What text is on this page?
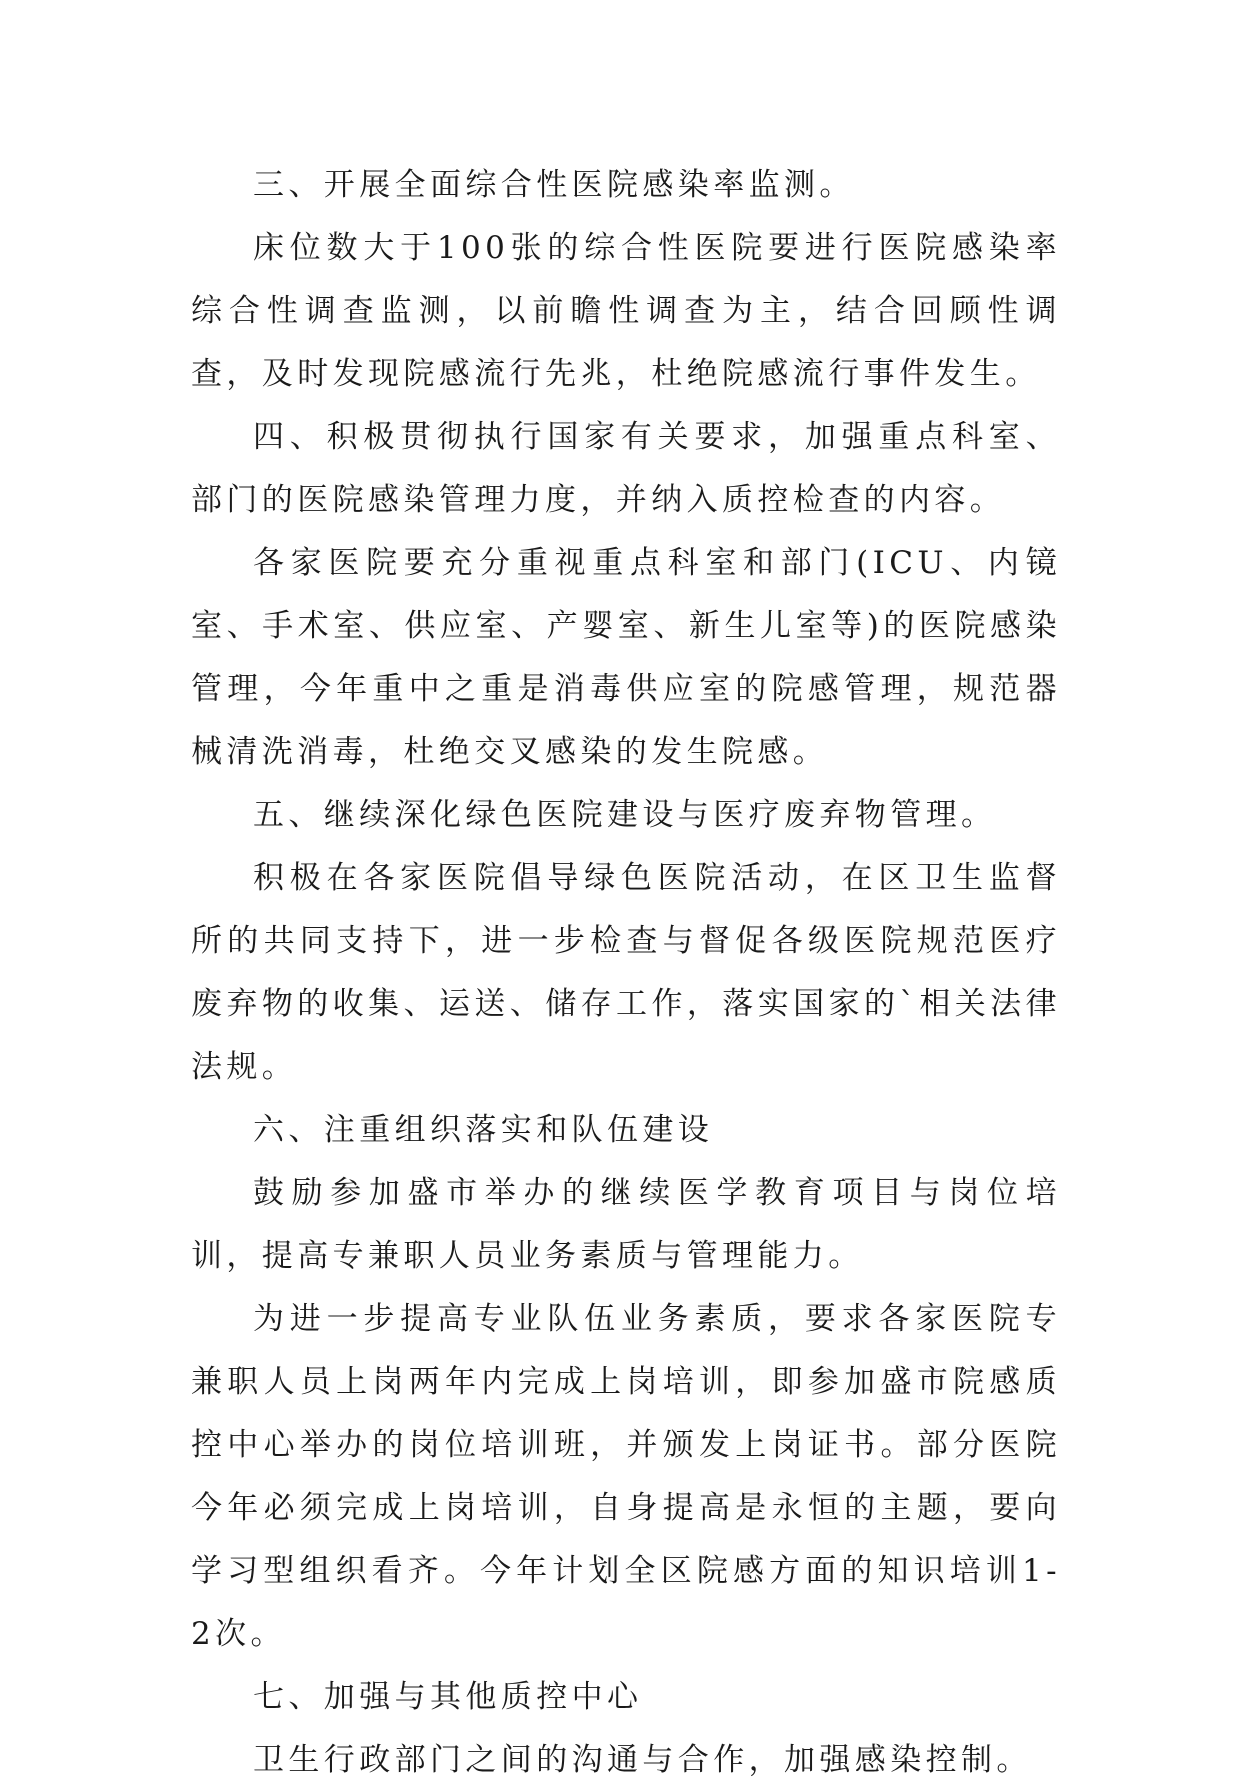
三、开展全面综合性医院感染率监测。

床位数大于100张的综合性医院要进行医院感染率综合性调查监测，以前瞻性调查为主，结合回顾性调查，及时发现院感流行先兆，杜绝院感流行事件发生。

四、积极贯彻执行国家有关要求，加强重点科室、部门的医院感染管理力度，并纳入质控检查的内容。

各家医院要充分重视重点科室和部门(ICU、内镜室、手术室、供应室、产婴室、新生儿室等)的医院感染管理，今年重中之重是消毒供应室的院感管理，规范器械清洗消毒，杜绝交叉感染的发生院感。

五、继续深化绿色医院建设与医疗废弃物管理。

积极在各家医院倡导绿色医院活动，在区卫生监督所的共同支持下，进一步检查与督促各级医院规范医疗废弃物的收集、运送、储存工作，落实国家的`相关法律法规。

六、注重组织落实和队伍建设

鼓励参加盛市举办的继续医学教育项目与岗位培训，提高专兼职人员业务素质与管理能力。

为进一步提高专业队伍业务素质，要求各家医院专兼职人员上岗两年内完成上岗培训，即参加盛市院感质控中心举办的岗位培训班，并颁发上岗证书。部分医院今年必须完成上岗培训，自身提高是永恒的主题，要向学习型组织看齐。今年计划全区院感方面的知识培训1-2次。

七、加强与其他质控中心

卫生行政部门之间的沟通与合作，加强感染控制。
